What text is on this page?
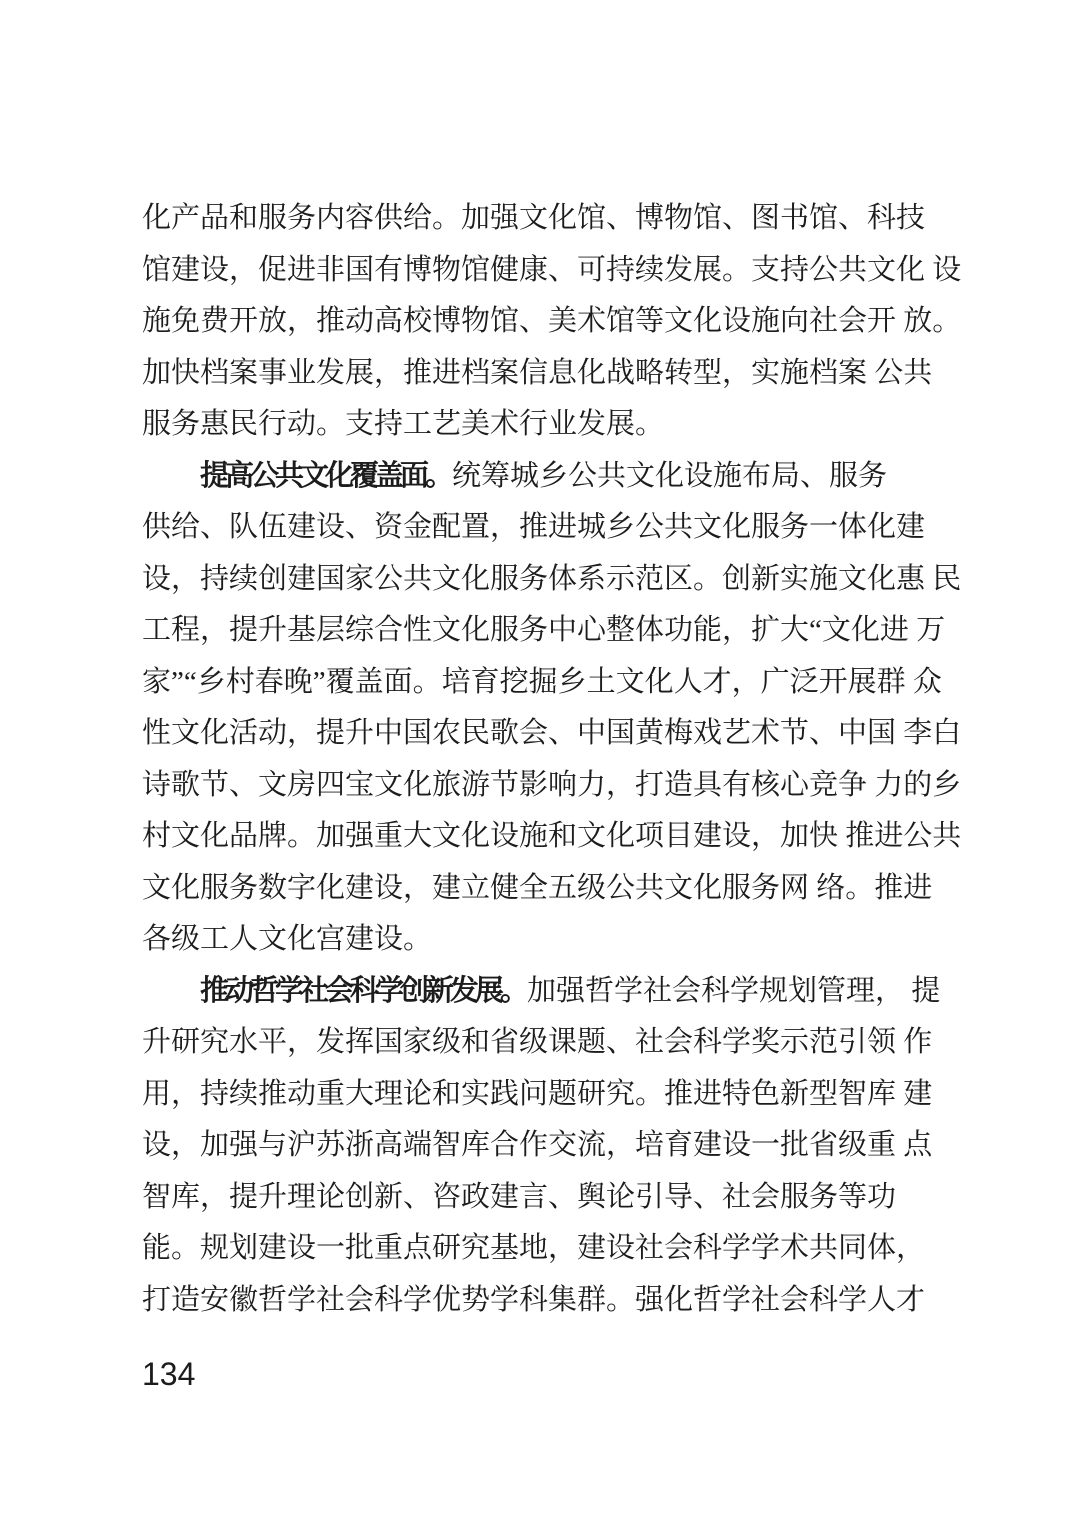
化产品和服务内容供给。加强文化馆、博物馆、图书馆、科技
馆建设，促进非国有博物馆健康、可持续发展。支持公共文化 设
施免费开放，推动高校博物馆、美术馆等文化设施向社会开 放。
加快档案事业发展，推进档案信息化战略转型，实施档案 公共
服务惠民行动。支持工艺美术行业发展。
提高公共文化覆盖面。统筹城乡公共文化设施布局、服务
供给、队伍建设、资金配置，推进城乡公共文化服务一体化建
设，持续创建国家公共文化服务体系示范区。创新实施文化惠 民
工程，提升基层综合性文化服务中心整体功能，扩大“文化进 万
家”“乡村春晚”覆盖面。培育挖掘乡土文化人才，广泛开展群 众
性文化活动，提升中国农民歌会、中国黄梅戏艺术节、中国 李白
诗歌节、文房四宝文化旅游节影响力，打造具有核心竞争 力的乡
村文化品牌。加强重大文化设施和文化项目建设，加快 推进公共
文化服务数字化建设，建立健全五级公共文化服务网 络。推进
各级工人文化宫建设。
推动哲学社会科学创新发展。加强哲学社会科学规划管理， 提
升研究水平，发挥国家级和省级课题、社会科学奖示范引领 作
用，持续推动重大理论和实践问题研究。推进特色新型智库 建
设，加强与沪苏浙高端智库合作交流，培育建设一批省级重 点
智库，提升理论创新、咨政建言、舆论引导、社会服务等功
能。规划建设一批重点研究基地，建设社会科学学术共同体，
打造安徽哲学社会科学优势学科集群。强化哲学社会科学人才
134
